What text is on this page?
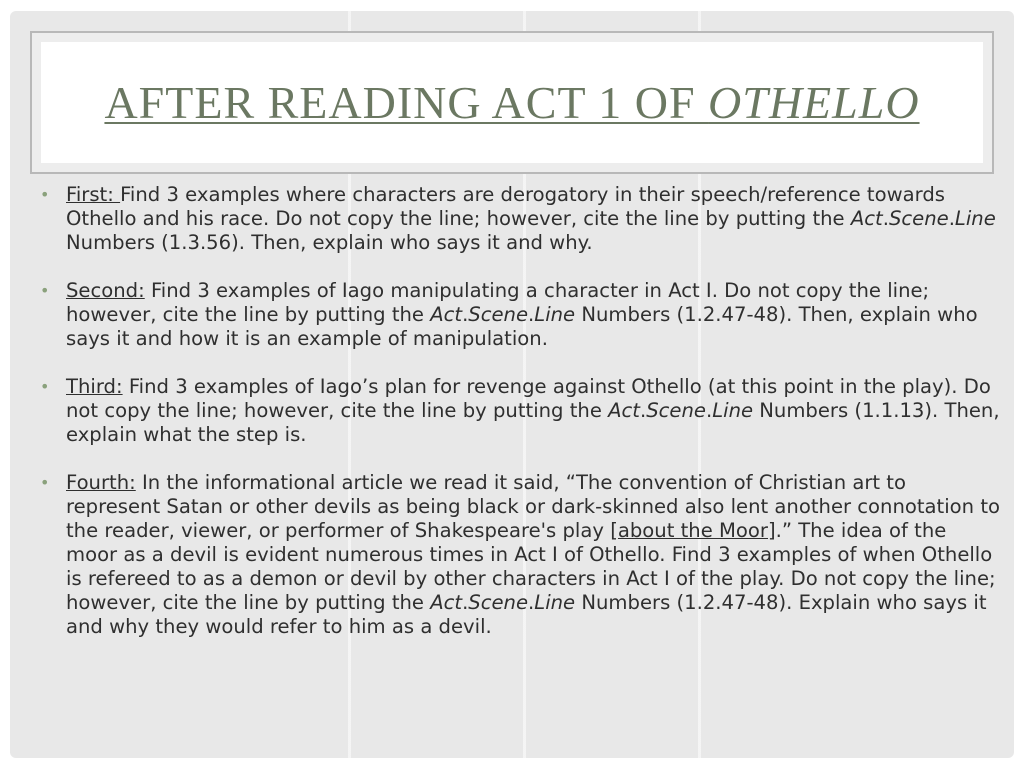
AFTER READING ACT 1 OF OTHELLO
• First: Find 3 examples where characters are derogatory in their speech/reference towards Othello and his race. Do not copy the line; however, cite the line by putting the Act.Scene.Line Numbers (1.3.56). Then, explain who says it and why.
• Second: Find 3 examples of Iago manipulating a character in Act I. Do not copy the line; however, cite the line by putting the Act.Scene.Line Numbers (1.2.47-48). Then, explain who says it and how it is an example of manipulation.
• Third: Find 3 examples of Iago’s plan for revenge against Othello (at this point in the play). Do not copy the line; however, cite the line by putting the Act.Scene.Line Numbers (1.1.13). Then, explain what the step is.
• Fourth: In the informational article we read it said, “The convention of Christian art to represent Satan or other devils as being black or dark-skinned also lent another connotation to the reader, viewer, or performer of Shakespeare's play [about the Moor].” The idea of the moor as a devil is evident numerous times in Act I of Othello. Find 3 examples of when Othello is refereed to as a demon or devil by other characters in Act I of the play. Do not copy the line; however, cite the line by putting the Act.Scene.Line Numbers (1.2.47-48). Explain who says it and why they would refer to him as a devil.
